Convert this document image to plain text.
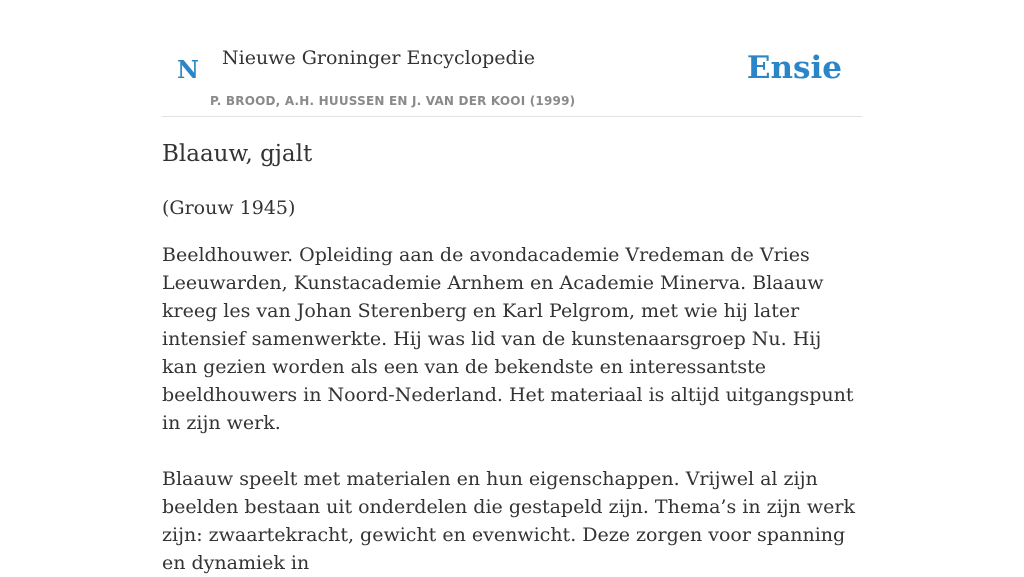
N Nieuwe Groninger Encyclopedie
P. BROOD, A.H. HUUSSEN EN J. VAN DER KOOI (1999)
Ensie
Blaauw, gjalt

(Grouw 1945)

Beeldhouwer. Opleiding aan de avondacademie Vredeman de Vries Leeuwarden, Kunstacademie Arnhem en Academie Minerva. Blaauw kreeg les van Johan Sterenberg en Karl Pelgrom, met wie hij later intensief samenwerkte. Hij was lid van de kunstenaarsgroep Nu. Hij kan gezien worden als een van de bekendste en interessantste beeldhouwers in Noord-Nederland. Het materiaal is altijd uitgangspunt in zijn werk.

Blaauw speelt met materialen en hun eigenschappen. Vrijwel al zijn beelden bestaan uit onderdelen die gestapeld zijn. Thema’s in zijn werk zijn: zwaartekracht, gewicht en evenwicht. Deze zorgen voor spanning en dynamiek in
